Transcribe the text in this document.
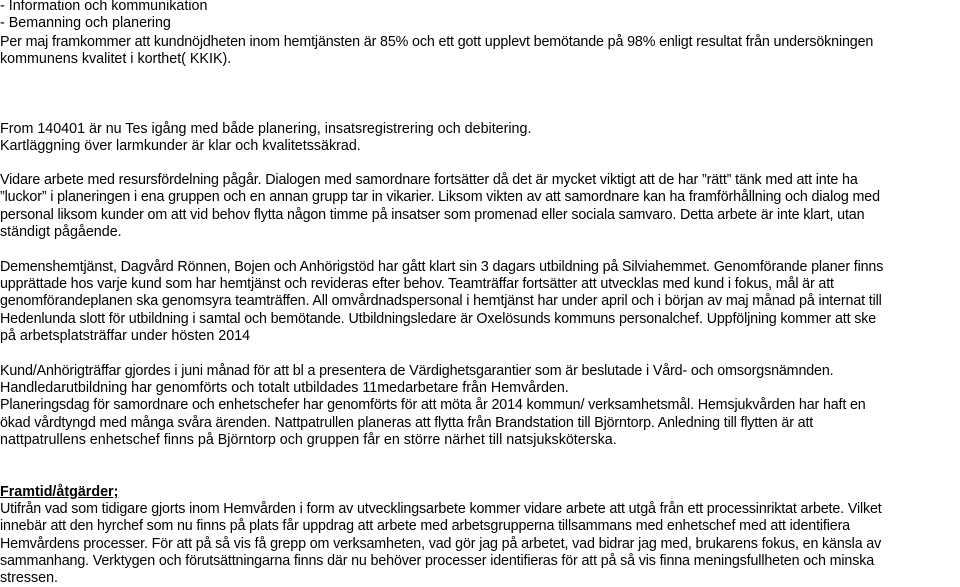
- Information och kommunikation
- Bemanning och planering
Per maj framkommer att kundnöjdheten inom hemtjänsten är 85% och ett gott upplevt bemötande på 98% enligt resultat från undersökningen
kommunens kvalitet i korthet( KKIK).
From 140401 är nu Tes igång med både planering, insatsregistrering och debitering.
Kartläggning över larmkunder är klar och kvalitetssäkrad.
Vidare arbete med resursfördelning pågår. Dialogen med samordnare fortsätter då det är mycket viktigt att de har ”rätt” tänk med att inte ha
”luckor” i planeringen i ena gruppen och en annan grupp tar in vikarier. Liksom vikten av att samordnare kan ha framförhållning och dialog med
personal liksom kunder om att vid behov flytta någon timme på insatser som promenad eller sociala samvaro. Detta arbete är inte klart, utan
ständigt pågående.
Demenshemtjänst, Dagvård Rönnen, Bojen och Anhörigstöd har gått klart sin 3 dagars utbildning på Silviahemmet. Genomförande planer finns
upprättade hos varje kund som har hemtjänst och revideras efter behov. Teamträffar fortsätter att utvecklas med kund i fokus, mål är att
genomförandeplanen ska genomsyra teamträffen. All omvårdnadspersonal i hemtjänst har under april och i början av maj månad på internat till
Hedenlunda slott för utbildning i samtal och bemötande. Utbildningsledare är Oxelösunds kommuns personalchef. Uppföljning kommer att ske
på arbetsplatsträffar under hösten 2014
Kund/Anhörigträffar gjordes i juni månad för att bl a presentera de Värdighetsgarantier som är beslutade i Vård- och omsorgsnämnden.
Handledarutbildning har genomförts och totalt utbildades 11medarbetare från Hemvården.
Planeringsdag för samordnare och enhetschefer har genomförts för att möta år 2014 kommun/ verksamhetsmål. Hemsjukvården har haft en
ökad vårdtyngd med många svåra ärenden. Nattpatrullen planeras att flytta från Brandstation till Björntorp. Anledning till flytten är att
nattpatrullens enhetschef finns på Björntorp och gruppen får en större närhet till natsjuksköterska.
Framtid/åtgärder;
Utifrån vad som tidigare gjorts inom Hemvården i form av utvecklingsarbete kommer vidare arbete att utgå från ett processinriktat arbete. Vilket
innebär att den hyrchef som nu finns på plats får uppdrag att arbete med arbetsgrupperna tillsammans med enhetschef med att identifiera
Hemvårdens processer. För att på så vis få grepp om verksamheten, vad gör jag på arbetet, vad bidrar jag med, brukarens fokus, en känsla av
sammanhang. Verktygen och förutsättningarna finns där nu behöver processer identifieras för att på så vis finna meningsfullheten och minska
stressen.
